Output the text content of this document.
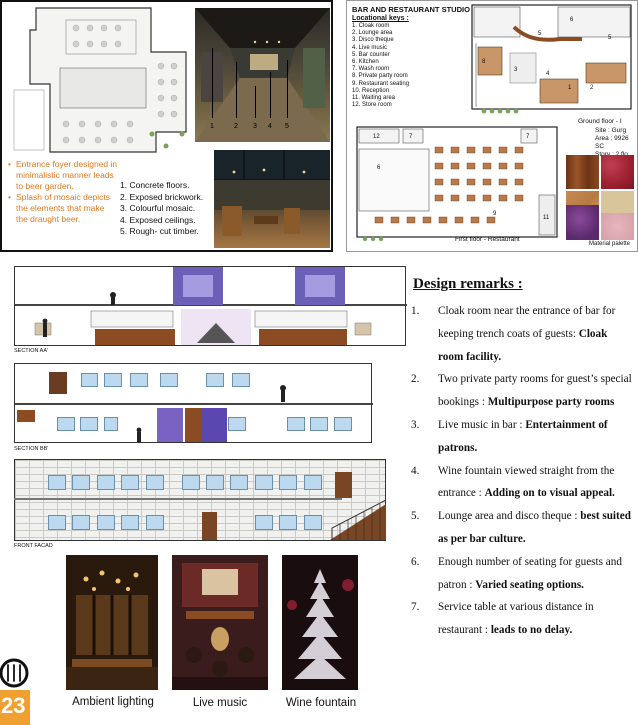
1	2 3 4 5
• Entrance foyer designed in minimalistic manner leads to beer garden.
• Splash of mosaic depicts the elements that make the draught beer.
1. Concrete floors.
2. Exposed brickwork.
3. Colourful mosaic.
4. Exposed ceilings.
5. Rough- cut timber.
BAR AND RESTAURANT STUDIO
Locational keys :
1. Cloak room
2. Lounge area
3. Disco theque
4. Live music
5. Bar counter
6. Kitchen
7. Wash room
8. Private party room
9. Restaurant seating
10. Reception
11. Waiting area
12. Store room
6
5
3
2
1
4
5
8
Ground floor - I
12	7	7
6
9
11
First floor - Restaurant
Site : Gurg
Area : 9926 SC
Material palette
SECTION AA'
SECTION BB'
FRONT FACAD
Design remarks :
1. Cloak room near the entrance of bar for keeping trench coats of guests: Cloak room facility.
2. Two private party rooms for guest’s special bookings : Multipurpose party rooms
3. Live music in bar : Entertainment of patrons.
4. Wine fountain viewed straight from the entrance : Adding on to visual appeal.
5. Lounge area and disco theque : best suited as per bar culture.
6. Enough number of seating for guests and patron : Varied seating options.
7. Service table at various distance in restaurant : leads to no delay.
Ambient lighting	Live music	Wine fountain
23
